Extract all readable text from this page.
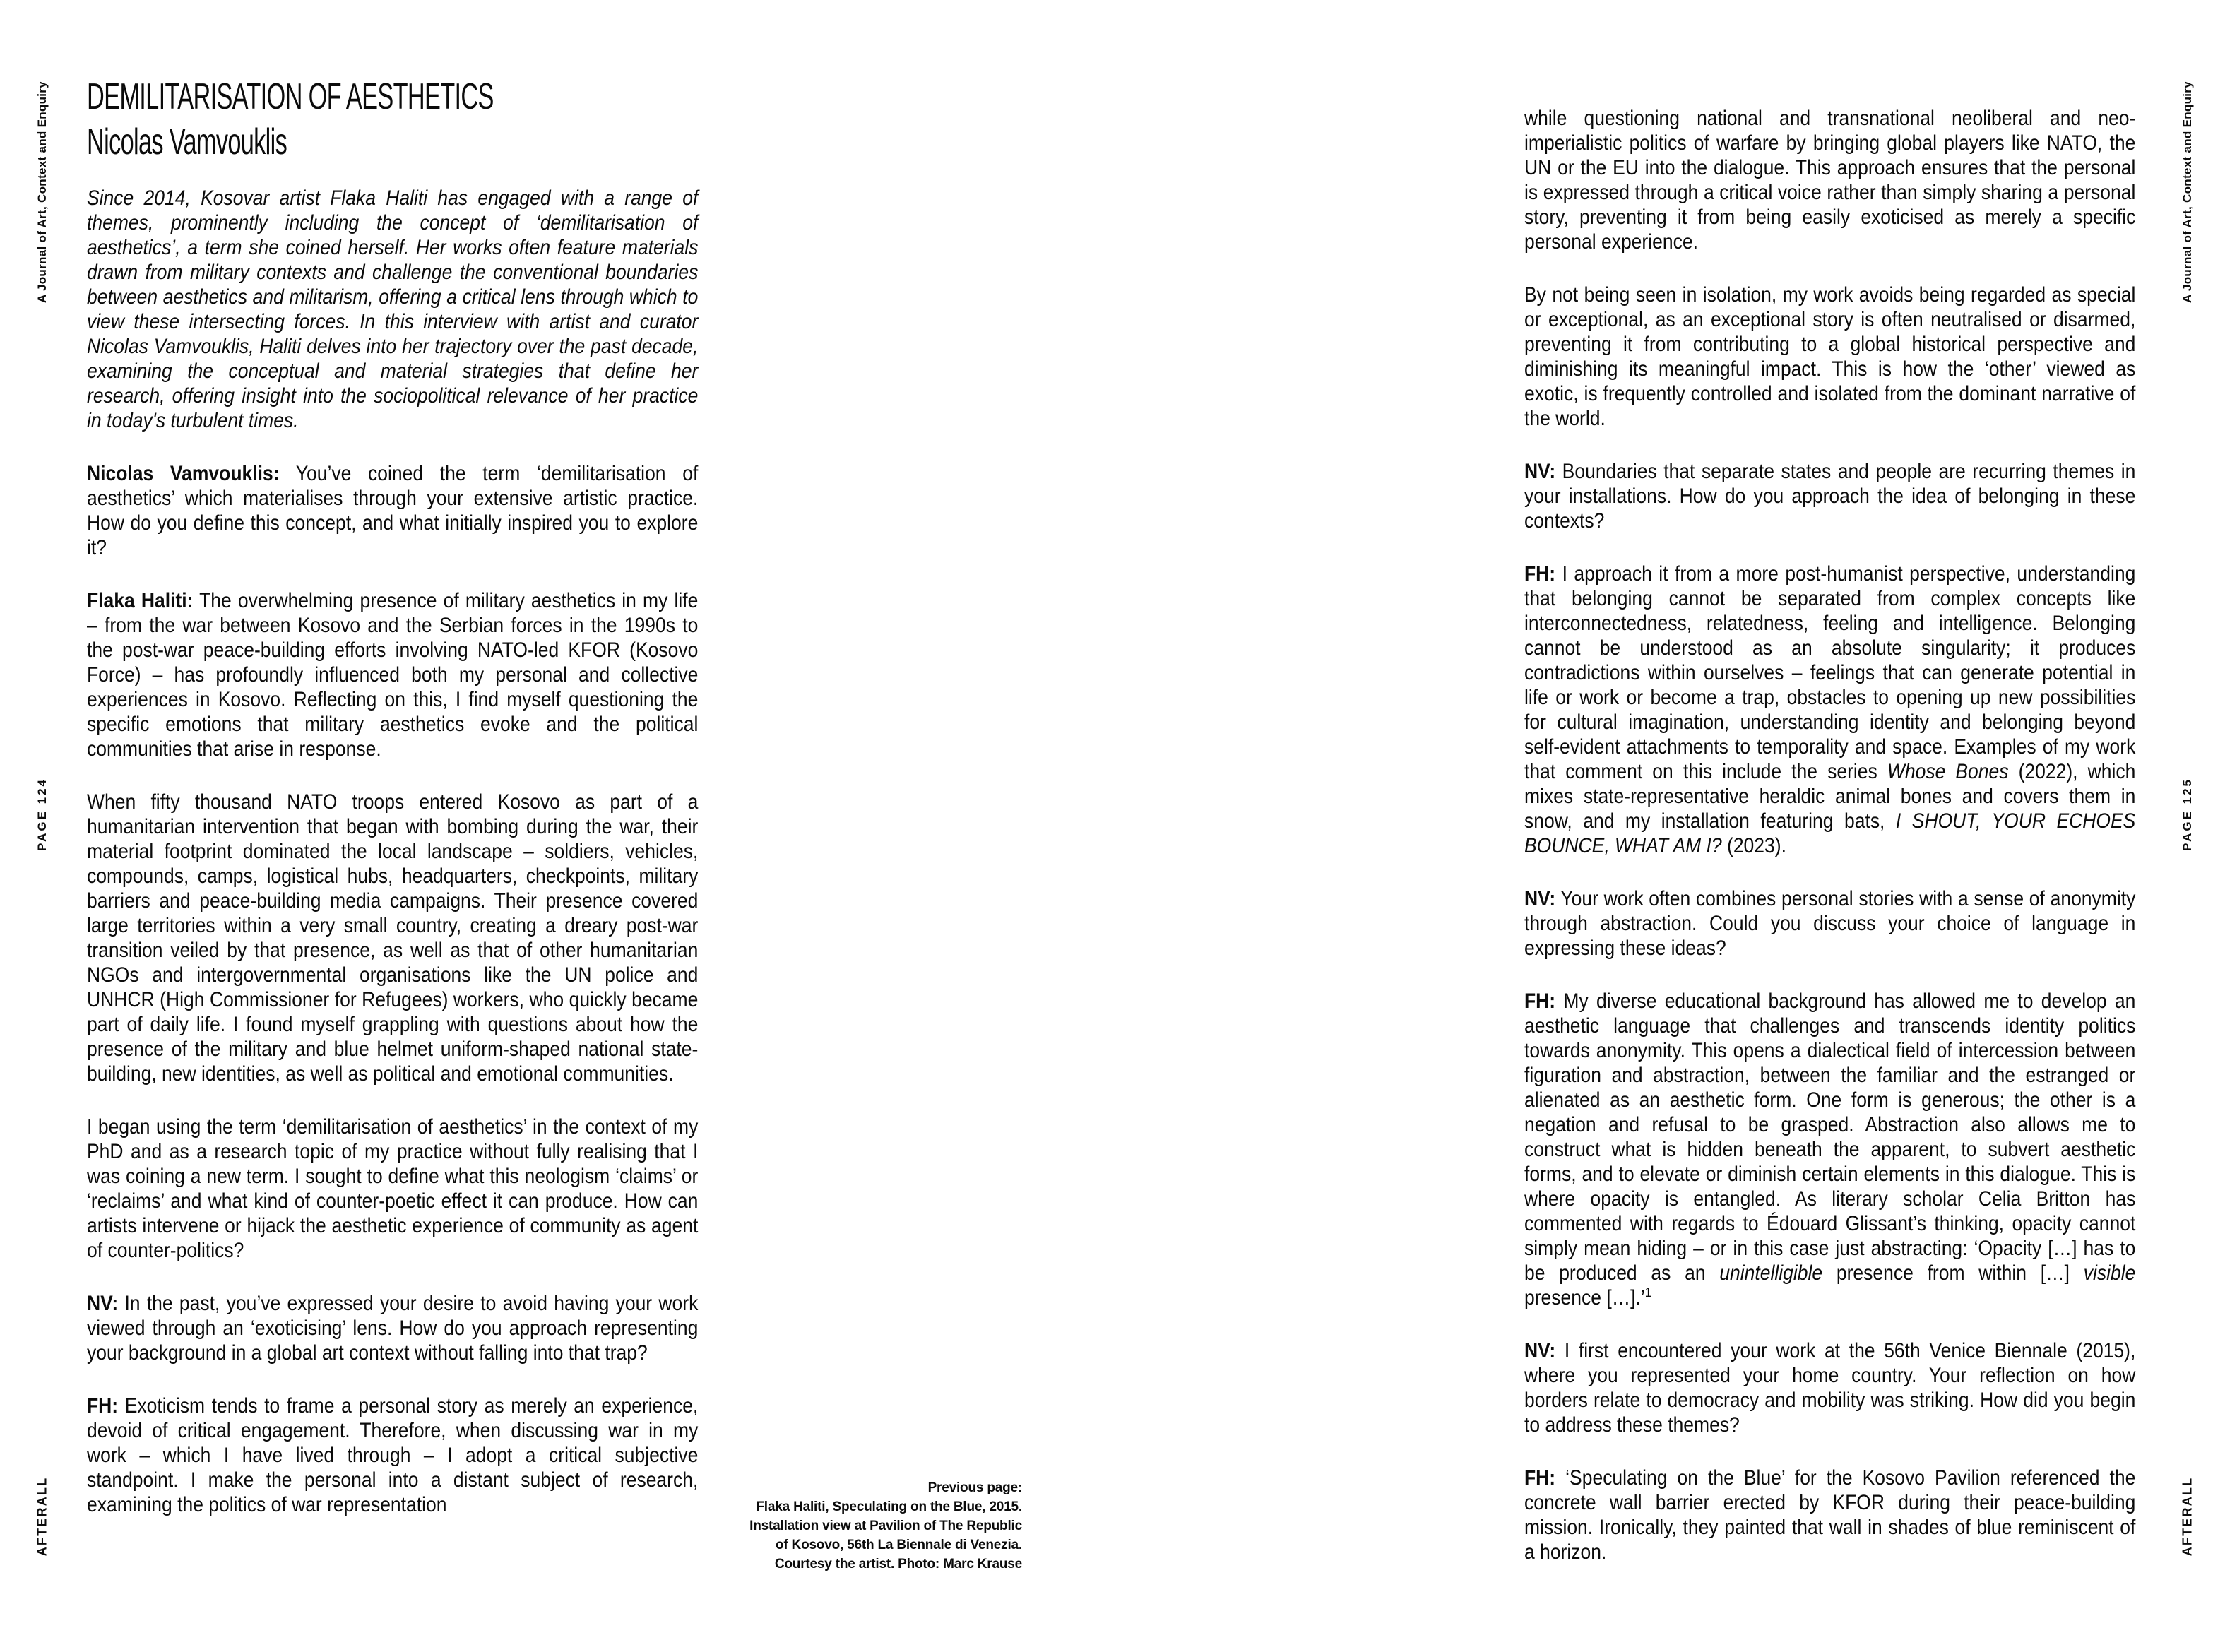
A Journal of Art, Context and Enquiry
PAGE 124
AFTERALL
A Journal of Art, Context and Enquiry
PAGE 125
AFTERALL
DEMILITARISATION OF AESTHETICS
Nicolas Vamvouklis

Since 2014, Kosovar artist Flaka Haliti has engaged with a range of themes, prominently including the concept of ‘demilitarisation of aesthetics’, a term she coined herself. Her works often feature materials drawn from military contexts and challenge the conventional boundaries between aesthetics and militarism, offering a critical lens through which to view these intersecting forces. In this interview with artist and curator Nicolas Vamvouklis, Haliti delves into her trajectory over the past decade, examining the conceptual and material strategies that define her research, offering insight into the sociopolitical relevance of her practice in today's turbulent times.

Nicolas Vamvouklis: You’ve coined the term ‘demilitarisation of aesthetics’ which materialises through your extensive artistic practice. How do you define this concept, and what initially inspired you to explore it?

Flaka Haliti: The overwhelming presence of military aesthetics in my life – from the war between Kosovo and the Serbian forces in the 1990s to the post-war peace-building efforts involving NATO-led KFOR (Kosovo Force) – has profoundly influenced both my personal and collective experiences in Kosovo. Reflecting on this, I find myself questioning the specific emotions that military aesthetics evoke and the political communities that arise in response.

When fifty thousand NATO troops entered Kosovo as part of a humanitarian intervention that began with bombing during the war, their material footprint dominated the local landscape – soldiers, vehicles, compounds, camps, logistical hubs, headquarters, checkpoints, military barriers and peace-building media campaigns. Their presence covered large territories within a very small country, creating a dreary post-war transition veiled by that presence, as well as that of other humanitarian NGOs and intergovernmental organisations like the UN police and UNHCR (High Commissioner for Refugees) workers, who quickly became part of daily life. I found myself grappling with questions about how the presence of the military and blue helmet uniform-shaped national state-building, new identities, as well as political and emotional communities.

I began using the term ‘demilitarisation of aesthetics’ in the context of my PhD and as a research topic of my practice without fully realising that I was coining a new term. I sought to define what this neologism ‘claims’ or ‘reclaims’ and what kind of counter-poetic effect it can produce. How can artists intervene or hijack the aesthetic experience of community as agent of counter-politics?

NV: In the past, you’ve expressed your desire to avoid having your work viewed through an ‘exoticising’ lens. How do you approach representing your background in a global art context without falling into that trap?

FH: Exoticism tends to frame a personal story as merely an experience, devoid of critical engagement. Therefore, when discussing war in my work – which I have lived through – I adopt a critical subjective standpoint. I make the personal into a distant subject of research, examining the politics of war representation

while questioning national and transnational neoliberal and neo-imperialistic politics of warfare by bringing global players like NATO, the UN or the EU into the dialogue. This approach ensures that the personal is expressed through a critical voice rather than simply sharing a personal story, preventing it from being easily exoticised as merely a specific personal experience.

By not being seen in isolation, my work avoids being regarded as special or exceptional, as an exceptional story is often neutralised or disarmed, preventing it from contributing to a global historical perspective and diminishing its meaningful impact. This is how the ‘other’ viewed as exotic, is frequently controlled and isolated from the dominant narrative of the world.

NV: Boundaries that separate states and people are recurring themes in your installations. How do you approach the idea of belonging in these contexts?

FH: I approach it from a more post-humanist perspective, understanding that belonging cannot be separated from complex concepts like interconnectedness, relatedness, feeling and intelligence. Belonging cannot be understood as an absolute singularity; it produces contradictions within ourselves – feelings that can generate potential in life or work or become a trap, obstacles to opening up new possibilities for cultural imagination, understanding identity and belonging beyond self-evident attachments to temporality and space. Examples of my work that comment on this include the series Whose Bones (2022), which mixes state-representative heraldic animal bones and covers them in snow, and my installation featuring bats, I SHOUT, YOUR ECHOES BOUNCE, WHAT AM I? (2023).

NV: Your work often combines personal stories with a sense of anonymity through abstraction. Could you discuss your choice of language in expressing these ideas?

FH: My diverse educational background has allowed me to develop an aesthetic language that challenges and transcends identity politics towards anonymity. This opens a dialectical field of intercession between figuration and abstraction, between the familiar and the estranged or alienated as an aesthetic form. One form is generous; the other is a negation and refusal to be grasped. Abstraction also allows me to construct what is hidden beneath the apparent, to subvert aesthetic forms, and to elevate or diminish certain elements in this dialogue. This is where opacity is entangled. As literary scholar Celia Britton has commented with regards to Édouard Glissant’s thinking, opacity cannot simply mean hiding – or in this case just abstracting: ‘Opacity […] has to be produced as an unintelligible presence from within […] visible presence […].’$^1$

NV: I first encountered your work at the 56th Venice Biennale (2015), where you represented your home country. Your reflection on how borders relate to democracy and mobility was striking. How did you begin to address these themes?

FH: ‘Speculating on the Blue’ for the Kosovo Pavilion referenced the concrete wall barrier erected by KFOR during their peace-building mission. Ironically, they painted that wall in shades of blue reminiscent of a horizon.

Previous page:
Flaka Haliti, Speculating on the Blue, 2015.
Installation view at Pavilion of The Republic
of Kosovo, 56th La Biennale di Venezia.
Courtesy the artist. Photo: Marc Krause
